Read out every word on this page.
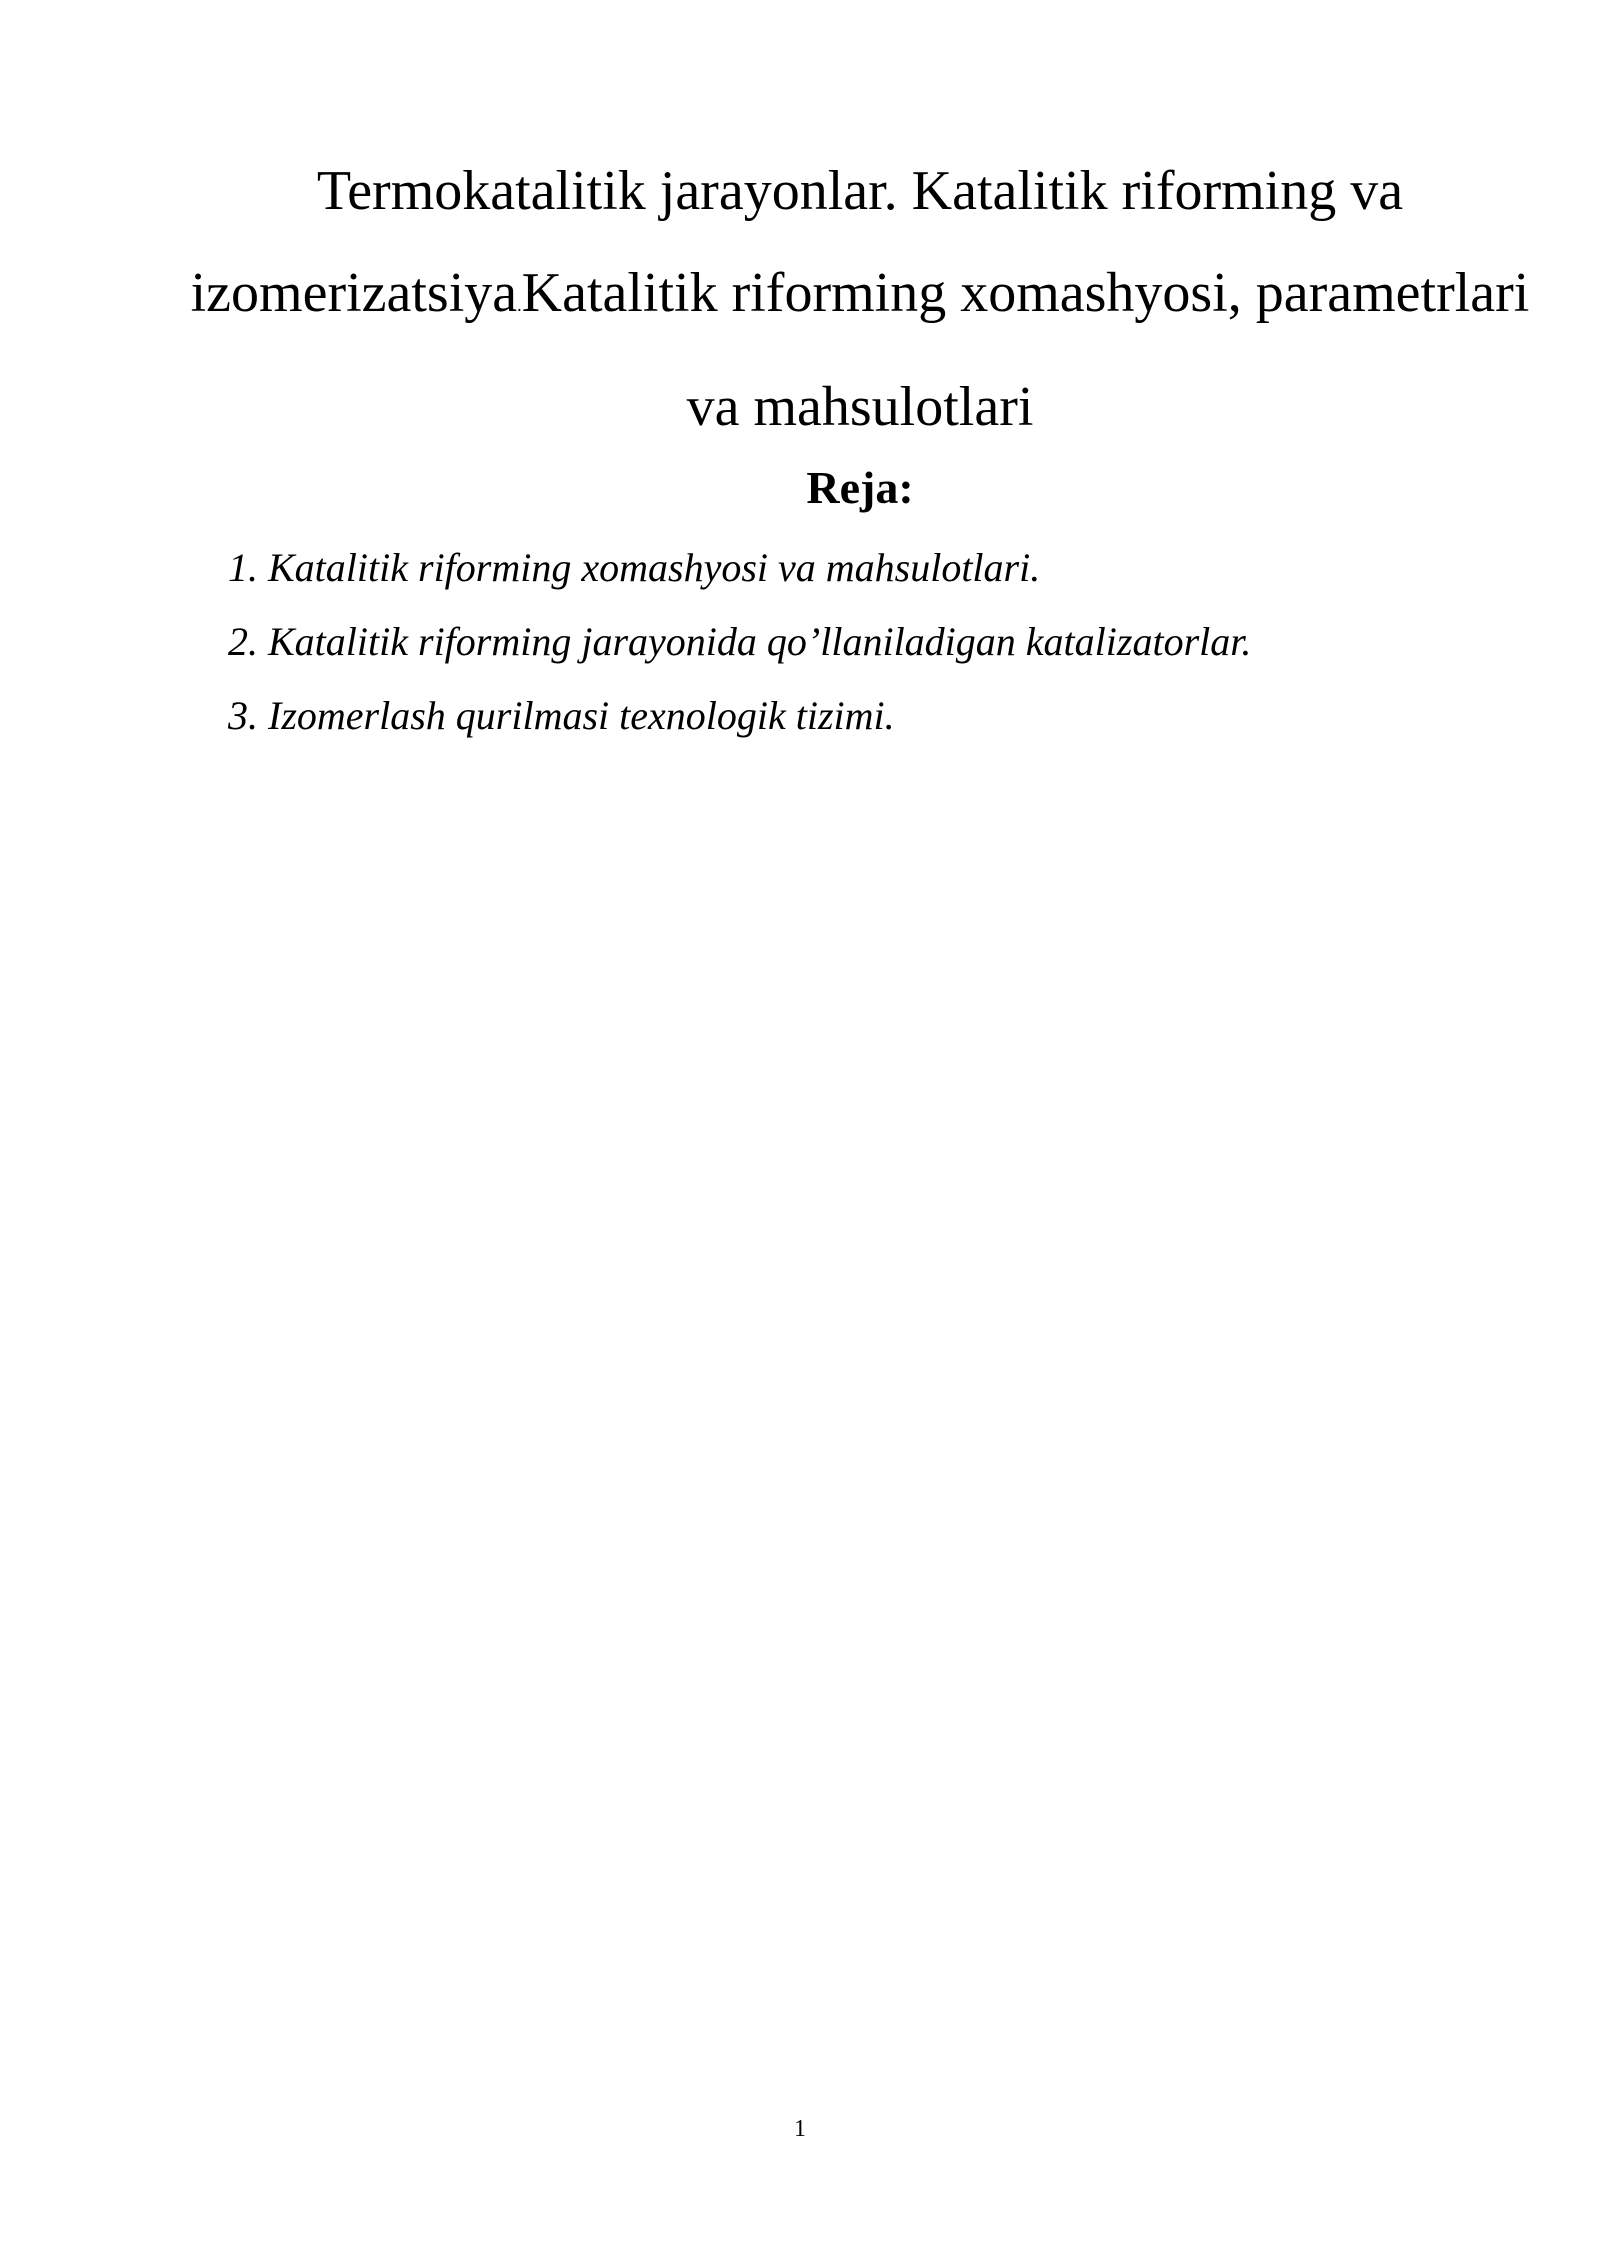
Termokatalitik jarayonlar. Katalitik riforming va izomerizatsiya.Katalitik riforming xomashyosi, parametrlari va mahsulotlari
Reja:
1. Katalitik riforming xomashyosi va mahsulotlari.
2. Katalitik riforming jarayonida qo’llaniladigan katalizatorlar.
3. Izomerlash qurilmasi texnologik tizimi.
1
